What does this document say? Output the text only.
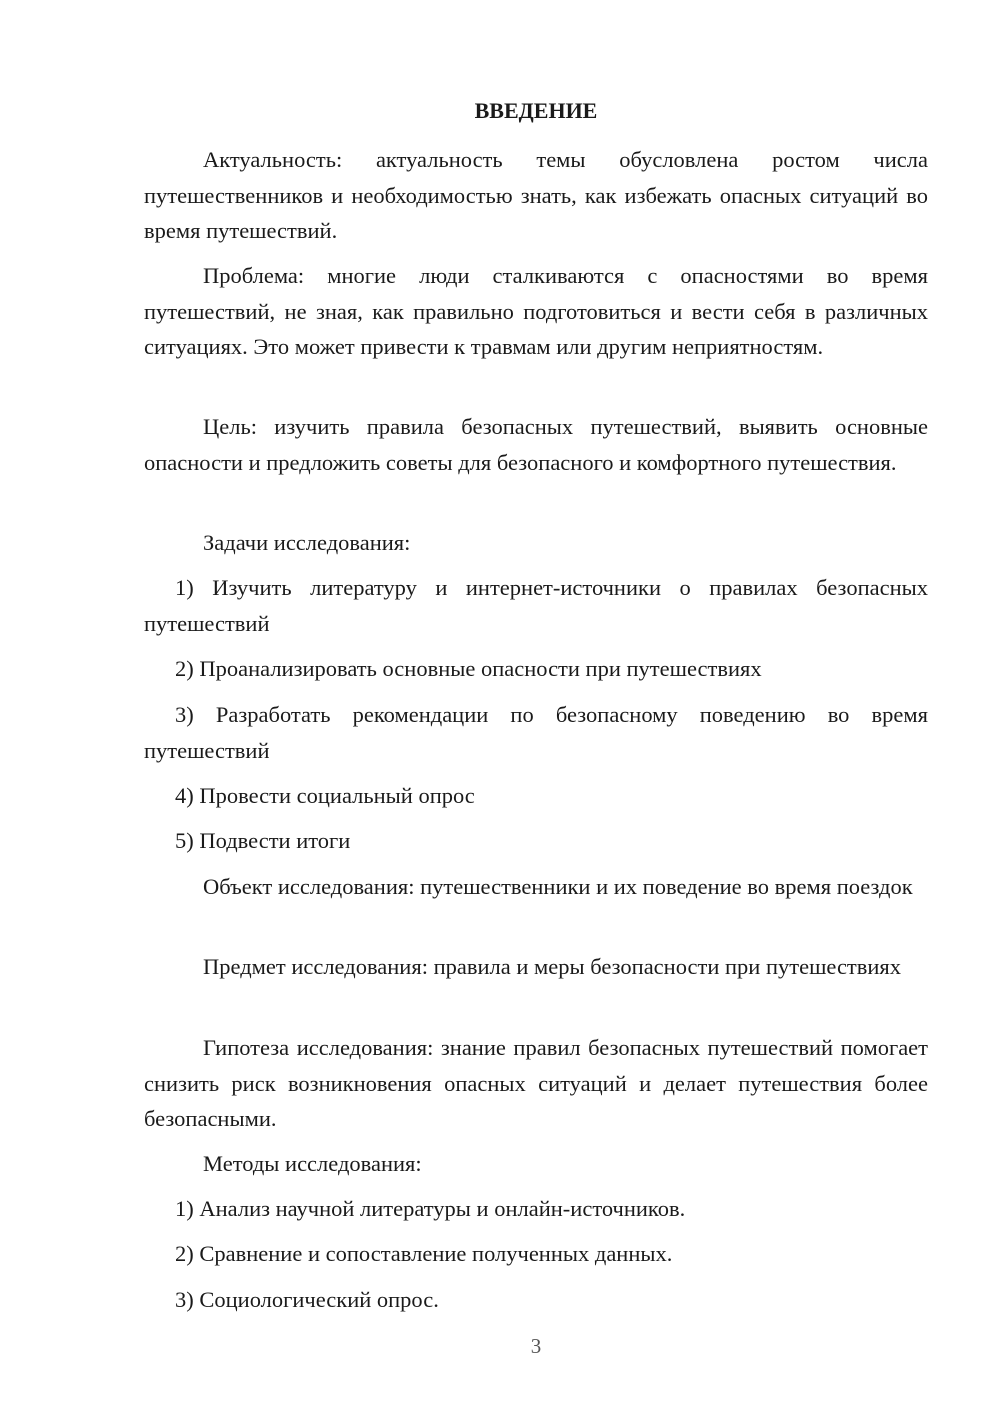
ВВЕДЕНИЕ

Актуальность: актуальность темы обусловлена ростом числа путешественников и необходимостью знать, как избежать опасных ситуаций во время путешествий.

Проблема: многие люди сталкиваются с опасностями во время путешествий, не зная, как правильно подготовиться и вести себя в различных ситуациях. Это может привести к травмам или другим неприятностям.

Цель: изучить правила безопасных путешествий, выявить основные опасности и предложить советы для безопасного и комфортного путешествия.

Задачи исследования:

1) Изучить литературу и интернет-источники о правилах безопасных путешествий

2) Проанализировать основные опасности при путешествиях

3) Разработать рекомендации по безопасному поведению во время путешествий

4) Провести социальный опрос

5) Подвести итоги

Объект исследования: путешественники и их поведение во время поездок

Предмет исследования: правила и меры безопасности при путешествиях

Гипотеза исследования: знание правил безопасных путешествий помогает снизить риск возникновения опасных ситуаций и делает путешествия более безопасными.

Методы исследования:

1) Анализ научной литературы и онлайн-источников.

2) Сравнение и сопоставление полученных данных.

3) Социологический опрос.

3
